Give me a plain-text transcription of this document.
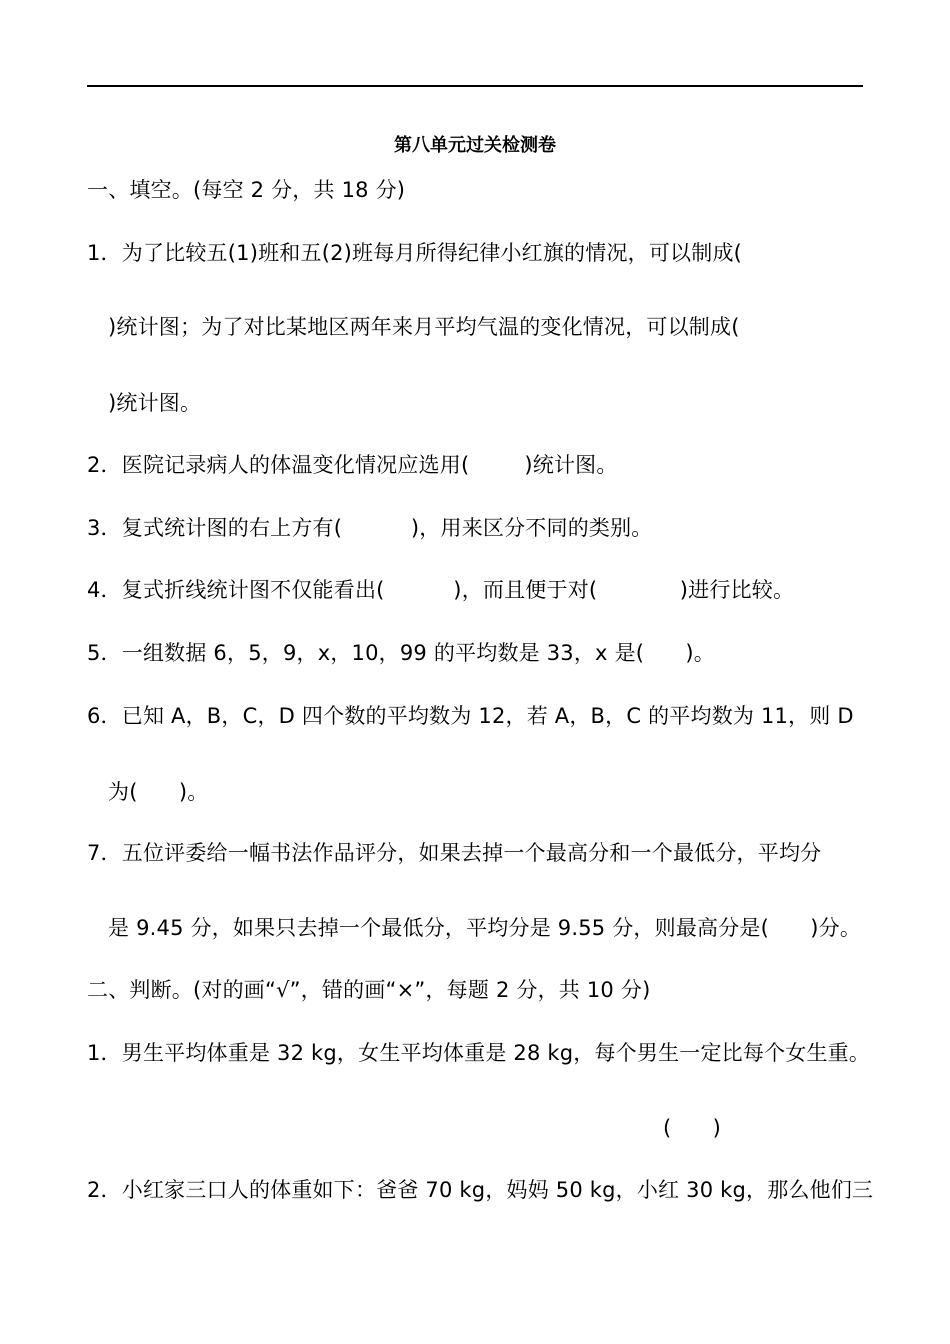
第八单元过关检测卷
一、填空。(每空 2 分，共 18 分)
1．为了比较五(1)班和五(2)班每月所得纪律小红旗的情况，可以制成(
)统计图；为了对比某地区两年来月平均气温的变化情况，可以制成(
)统计图。
2．医院记录病人的体温变化情况应选用(        )统计图。
3．复式统计图的右上方有(          )，用来区分不同的类别。
4．复式折线统计图不仅能看出(          )，而且便于对(            )进行比较。
5．一组数据 6，5，9，x，10，99 的平均数是 33，x 是(      )。
6．已知 A，B，C，D 四个数的平均数为 12，若 A，B，C 的平均数为 11，则 D
为(      )。
7．五位评委给一幅书法作品评分，如果去掉一个最高分和一个最低分，平均分
是 9.45 分，如果只去掉一个最低分，平均分是 9.55 分，则最高分是(      )分。
二、判断。(对的画“√”，错的画“×”，每题 2 分，共 10 分)
1．男生平均体重是 32 kg，女生平均体重是 28 kg，每个男生一定比每个女生重。
(      )
2．小红家三口人的体重如下：爸爸 70 kg，妈妈 50 kg，小红 30 kg，那么他们三
